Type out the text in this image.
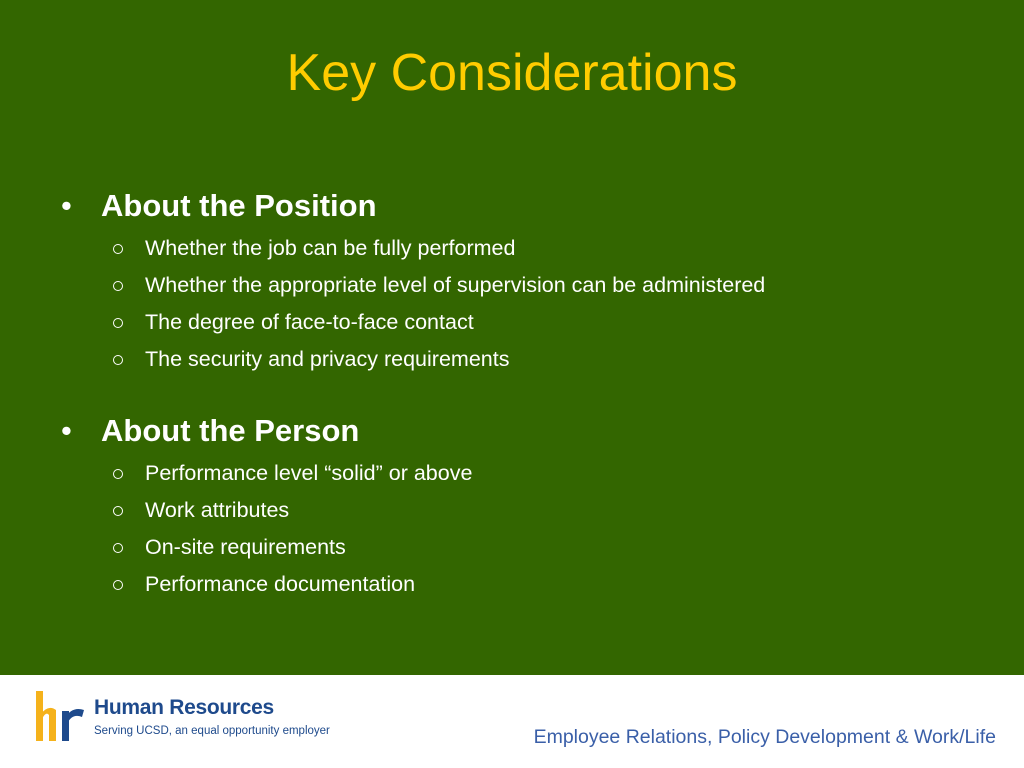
Key Considerations
• About the Position
Whether the job can be fully performed
Whether the appropriate level of supervision can be administered
The degree of face-to-face contact
The security and privacy requirements
• About the Person
Performance level “solid” or above
Work attributes
On-site requirements
Performance documentation
Human Resources
Serving UCSD, an equal opportunity employer	Employee Relations, Policy Development & Work/Life
